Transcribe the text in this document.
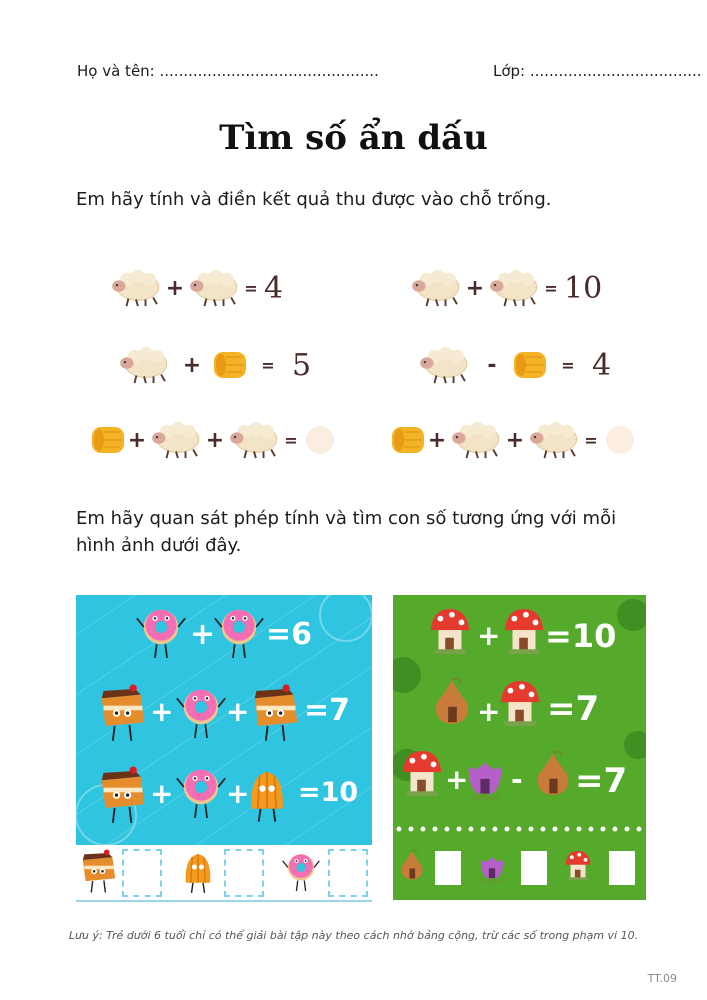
Họ và tên: ..............................................	Lớp: ....................................
Tìm số ẩn dấu
Em hãy tính và điền kết quả thu được vào chỗ trống.
+	= 4	+	= 10
+	= 5	-	= 4
+	+	=	+	+	=
Em hãy quan sát phép tính và tìm con số tương ứng với mỗi hình ảnh dưới đây.
+ =6
+ + =7
+ + =10
+ =10
+ =7
+ - =7
Lưu ý: Trẻ dưới 6 tuổi chỉ có thể giải bài tập này theo cách nhớ bảng cộng, trừ các số trong phạm vi 10.
TT.09
